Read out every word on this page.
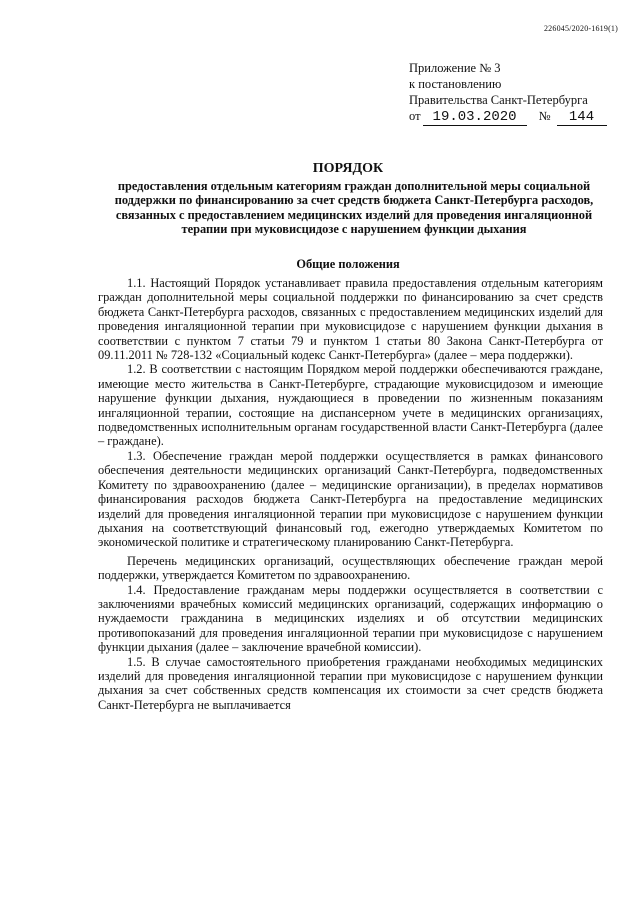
226045/2020-1619(1)
Приложение № 3
к постановлению
Правительства Санкт-Петербурга
от 19.03.2020 № 144
ПОРЯДОК
предоставления отдельным категориям граждан дополнительной меры социальной поддержки по финансированию за счет средств бюджета Санкт-Петербурга расходов, связанных с предоставлением медицинских изделий для проведения ингаляционной терапии при муковисцидозе с нарушением функции дыхания
Общие положения

1.1. Настоящий Порядок устанавливает правила предоставления отдельным категориям граждан дополнительной меры социальной поддержки по финансированию за счет средств бюджета Санкт-Петербурга расходов, связанных с предоставлением медицинских изделий для проведения ингаляционной терапии при муковисцидозе с нарушением функции дыхания в соответствии с пунктом 7 статьи 79 и пунктом 1 статьи 80 Закона Санкт-Петербурга от 09.11.2011 № 728-132 «Социальный кодекс Санкт-Петербурга» (далее – мера поддержки).

1.2. В соответствии с настоящим Порядком мерой поддержки обеспечиваются граждане, имеющие место жительства в Санкт-Петербурге, страдающие муковисцидозом и имеющие нарушение функции дыхания, нуждающиеся в проведении по жизненным показаниям ингаляционной терапии, состоящие на диспансерном учете в медицинских организациях, подведомственных исполнительным органам государственной власти Санкт-Петербурга (далее – граждане).

1.3. Обеспечение граждан мерой поддержки осуществляется в рамках финансового обеспечения деятельности медицинских организаций Санкт-Петербурга, подведомственных Комитету по здравоохранению (далее – медицинские организации), в пределах нормативов финансирования расходов бюджета Санкт-Петербурга на предоставление медицинских изделий для проведения ингаляционной терапии при муковисцидозе с нарушением функции дыхания на соответствующий финансовый год, ежегодно утверждаемых Комитетом по экономической политике и стратегическому планированию Санкт-Петербурга.

Перечень медицинских организаций, осуществляющих обеспечение граждан мерой поддержки, утверждается Комитетом по здравоохранению.

1.4. Предоставление гражданам меры поддержки осуществляется в соответствии с заключениями врачебных комиссий медицинских организаций, содержащих информацию о нуждаемости гражданина в медицинских изделиях и об отсутствии медицинских противопоказаний для проведения ингаляционной терапии при муковисцидозе с нарушением функции дыхания (далее – заключение врачебной комиссии).

1.5. В случае самостоятельного приобретения гражданами необходимых медицинских изделий для проведения ингаляционной терапии при муковисцидозе с нарушением функции дыхания за счет собственных средств компенсация их стоимости за счет средств бюджета Санкт-Петербурга не выплачивается
